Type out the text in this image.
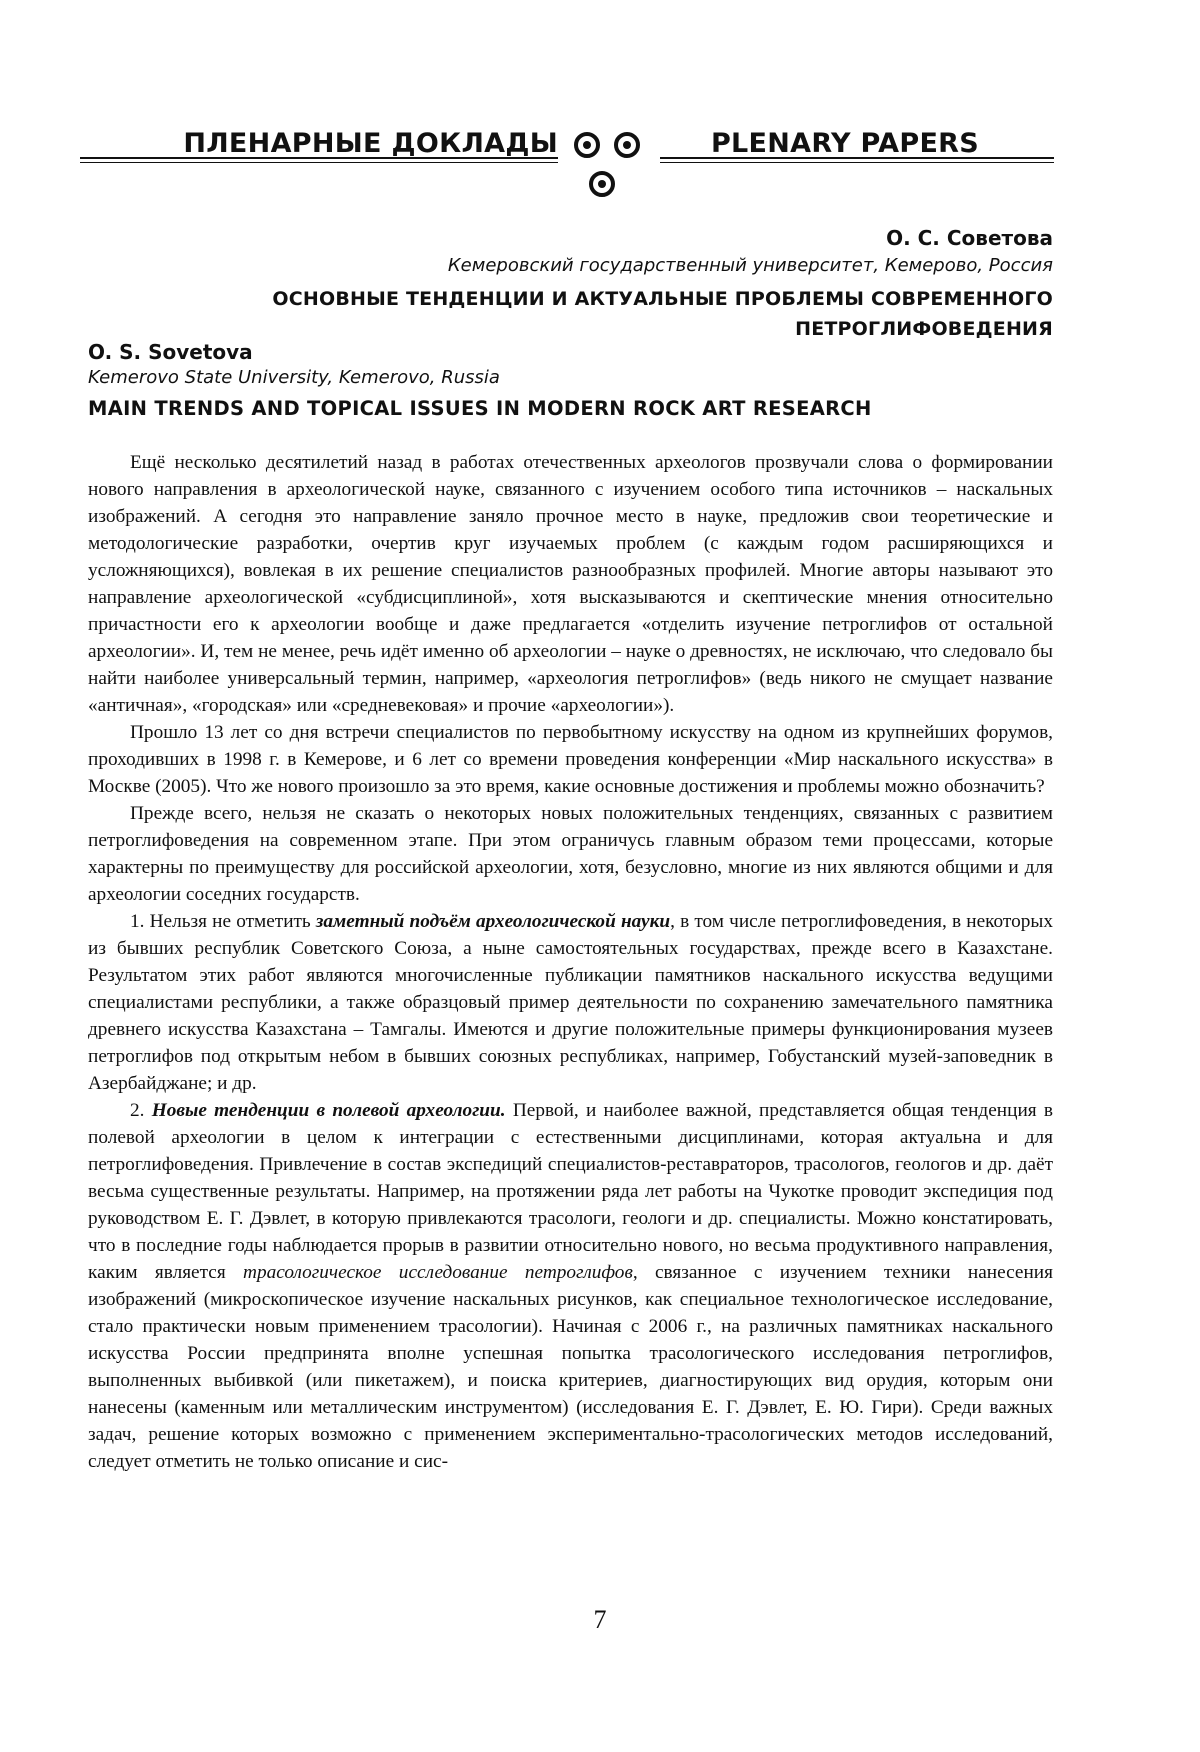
ПЛЕНАРНЫЕ ДОКЛАДЫ	PLENARY PAPERS
О. С. Советова
Кемеровский государственный университет, Кемерово, Россия
ОСНОВНЫЕ ТЕНДЕНЦИИ И АКТУАЛЬНЫЕ ПРОБЛЕМЫ СОВРЕМЕННОГО
ПЕТРОГЛИФОВЕДЕНИЯ
O. S. Sovetova
Kemerovo State University, Kemerovo, Russia
MAIN TRENDS AND TOPICAL ISSUES IN MODERN ROCK ART RESEARCH

Ещё несколько десятилетий назад в работах отечественных археологов прозвучали слова о формировании нового направления в археологической науке, связанного с изучением особого типа источников – наскальных изображений. А сегодня это направление заняло прочное место в науке, предложив свои теоретические и методологические разработки, очертив круг изучаемых проблем (с каждым годом расширяющихся и усложняющихся), вовлекая в их решение специалистов разнообразных профилей. Многие авторы называют это направление археологической «субдисциплиной», хотя высказываются и скептические мнения относительно причастности его к археологии вообще и даже предлагается «отделить изучение петроглифов от остальной археологии». И, тем не менее, речь идёт именно об археологии – науке о древностях, не исключаю, что следовало бы найти наиболее универсальный термин, например, «археология петроглифов» (ведь никого не смущает название «античная», «городская» или «средневековая» и прочие «археологии»).

Прошло 13 лет со дня встречи специалистов по первобытному искусству на одном из крупнейших форумов, проходивших в 1998 г. в Кемерове, и 6 лет со времени проведения конференции «Мир наскального искусства» в Москве (2005). Что же нового произошло за это время, какие основные достижения и проблемы можно обозначить?

Прежде всего, нельзя не сказать о некоторых новых положительных тенденциях, связанных с развитием петроглифоведения на современном этапе. При этом ограничусь главным образом теми процессами, которые характерны по преимуществу для российской археологии, хотя, безусловно, многие из них являются общими и для археологии соседних государств.

1. Нельзя не отметить заметный подъём археологической науки, в том числе петроглифоведения, в некоторых из бывших республик Советского Союза, а ныне самостоятельных государствах, прежде всего в Казахстане. Результатом этих работ являются многочисленные публикации памятников наскального искусства ведущими специалистами республики, а также образцовый пример деятельности по сохранению замечательного памятника древнего искусства Казахстана – Тамгалы. Имеются и другие положительные примеры функционирования музеев петроглифов под открытым небом в бывших союзных республиках, например, Гобустанский музей-заповедник в Азербайджане; и др.

2. Новые тенденции в полевой археологии. Первой, и наиболее важной, представляется общая тенденция в полевой археологии в целом к интеграции с естественными дисциплинами, которая актуальна и для петроглифоведения. Привлечение в состав экспедиций специалистов-реставраторов, трасологов, геологов и др. даёт весьма существенные результаты. Например, на протяжении ряда лет работы на Чукотке проводит экспедиция под руководством Е. Г. Дэвлет, в которую привлекаются трасологи, геологи и др. специалисты. Можно констатировать, что в последние годы наблюдается прорыв в развитии относительно нового, но весьма продуктивного направления, каким является трасологическое исследование петроглифов, связанное с изучением техники нанесения изображений (микроскопическое изучение наскальных рисунков, как специальное технологическое исследование, стало практически новым применением трасологии). Начиная с 2006 г., на различных памятниках наскального искусства России предпринята вполне успешная попытка трасологического исследования петроглифов, выполненных выбивкой (или пикетажем), и поиска критериев, диагностирующих вид орудия, которым они нанесены (каменным или металлическим инструментом) (исследования Е. Г. Дэвлет, Е. Ю. Гири). Среди важных задач, решение которых возможно с применением экспериментально-трасологических методов исследований, следует отметить не только описание и сис-

7
